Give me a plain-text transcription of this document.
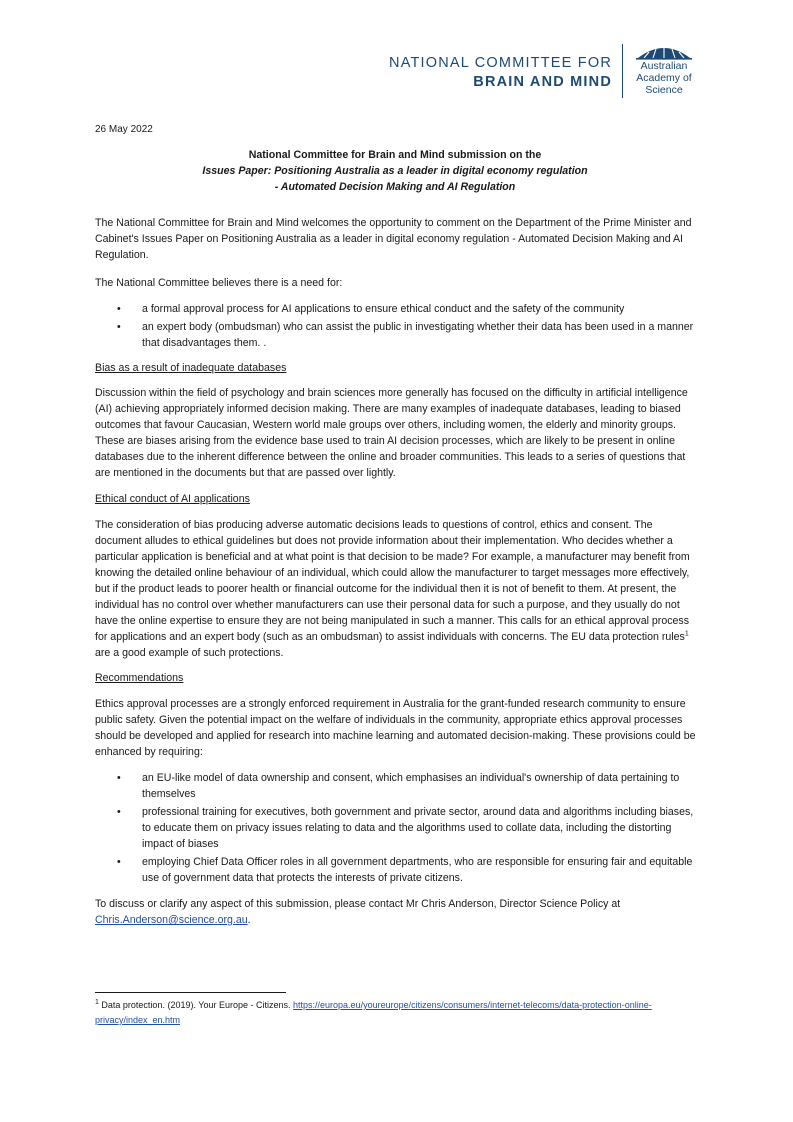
NATIONAL COMMITTEE FOR
BRAIN AND MIND
Australian
Academy of
Science
26 May 2022
National Committee for Brain and Mind submission on the
Issues Paper: Positioning Australia as a leader in digital economy regulation
- Automated Decision Making and AI Regulation

The National Committee for Brain and Mind welcomes the opportunity to comment on the Department of the Prime Minister and Cabinet's Issues Paper on Positioning Australia as a leader in digital economy regulation - Automated Decision Making and AI Regulation.

The National Committee believes there is a need for:

• a formal approval process for AI applications to ensure ethical conduct and the safety of the community
• an expert body (ombudsman) who can assist the public in investigating whether their data has been used in a manner that disadvantages them. .

Bias as a result of inadequate databases

Discussion within the field of psychology and brain sciences more generally has focused on the difficulty in artificial intelligence (AI) achieving appropriately informed decision making. There are many examples of inadequate databases, leading to biased outcomes that favour Caucasian, Western world male groups over others, including women, the elderly and minority groups. These are biases arising from the evidence base used to train AI decision processes, which are likely to be present in online databases due to the inherent difference between the online and broader communities. This leads to a series of questions that are mentioned in the documents but that are passed over lightly.

Ethical conduct of AI applications

The consideration of bias producing adverse automatic decisions leads to questions of control, ethics and consent. The document alludes to ethical guidelines but does not provide information about their implementation. Who decides whether a particular application is beneficial and at what point is that decision to be made? For example, a manufacturer may benefit from knowing the detailed online behaviour of an individual, which could allow the manufacturer to target messages more effectively, but if the product leads to poorer health or financial outcome for the individual then it is not of benefit to them. At present, the individual has no control over whether manufacturers can use their personal data for such a purpose, and they usually do not have the online expertise to ensure they are not being manipulated in such a manner. This calls for an ethical approval process for applications and an expert body (such as an ombudsman) to assist individuals with concerns. The EU data protection rules$^1$ are a good example of such protections.

Recommendations

Ethics approval processes are a strongly enforced requirement in Australia for the grant-funded research community to ensure public safety. Given the potential impact on the welfare of individuals in the community, appropriate ethics approval processes should be developed and applied for research into machine learning and automated decision-making. These provisions could be enhanced by requiring:

• an EU-like model of data ownership and consent, which emphasises an individual's ownership of data pertaining to themselves
• professional training for executives, both government and private sector, around data and algorithms including biases, to educate them on privacy issues relating to data and the algorithms used to collate data, including the distorting impact of biases
• employing Chief Data Officer roles in all government departments, who are responsible for ensuring fair and equitable use of government data that protects the interests of private citizens.

To discuss or clarify any aspect of this submission, please contact Mr Chris Anderson, Director Science Policy at Chris.Anderson@science.org.au.

$^1$ Data protection. (2019). Your Europe - Citizens. https://europa.eu/youreurope/citizens/consumers/internet-telecoms/data-protection-online-privacy/index_en.htm
